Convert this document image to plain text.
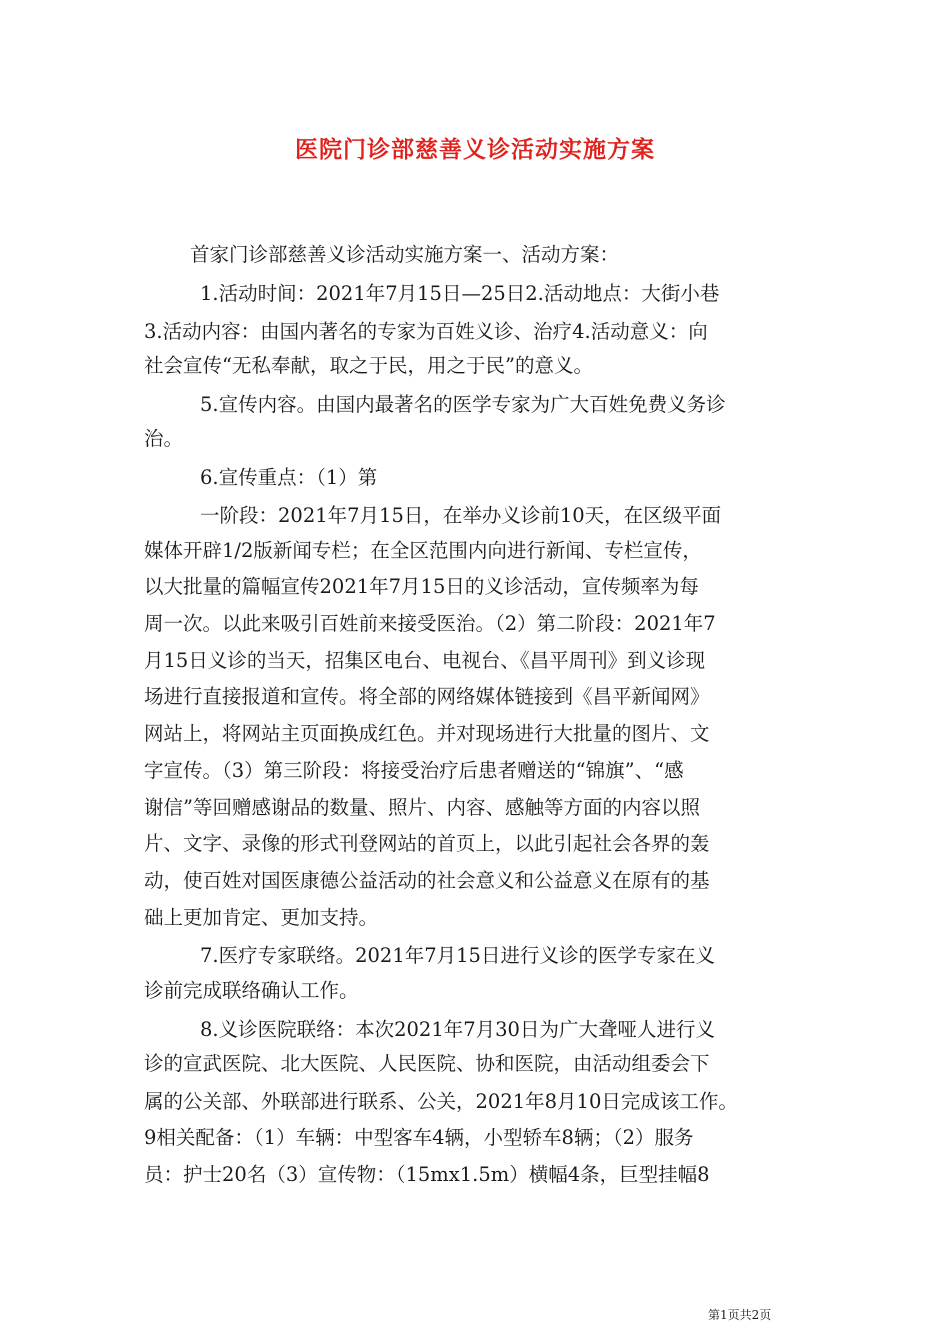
医院门诊部慈善义诊活动实施方案
首家门诊部慈善义诊活动实施方案一、活动方案：
1.活动时间：2021年7月15日—25日2.活动地点：大街小巷
3.活动内容：由国内著名的专家为百姓义诊、治疗4.活动意义：向
社会宣传“无私奉献，取之于民，用之于民”的意义。
5.宣传内容。由国内最著名的医学专家为广大百姓免费义务诊
治。
6.宣传重点：（1）第
一阶段：2021年7月15日，在举办义诊前10天，在区级平面
媒体开辟1/2版新闻专栏；在全区范围内向进行新闻、专栏宣传，
以大批量的篇幅宣传2021年7月15日的义诊活动，宣传频率为每
周一次。以此来吸引百姓前来接受医治。（2）第二阶段：2021年7
月15日义诊的当天，招集区电台、电视台、《昌平周刊》到义诊现
场进行直接报道和宣传。将全部的网络媒体链接到《昌平新闻网》
网站上，将网站主页面换成红色。并对现场进行大批量的图片、文
字宣传。（3）第三阶段：将接受治疗后患者赠送的“锦旗”、“感
谢信”等回赠感谢品的数量、照片、内容、感触等方面的内容以照
片、文字、录像的形式刊登网站的首页上，以此引起社会各界的轰
动，使百姓对国医康德公益活动的社会意义和公益意义在原有的基
础上更加肯定、更加支持。
7.医疗专家联络。2021年7月15日进行义诊的医学专家在义
诊前完成联络确认工作。
8.义诊医院联络：本次2021年7月30日为广大聋哑人进行义
诊的宣武医院、北大医院、人民医院、协和医院，由活动组委会下
属的公关部、外联部进行联系、公关，2021年8月10日完成该工作。
9相关配备：（1）车辆：中型客车4辆，小型轿车8辆；（2）服务
员：护士20名（3）宣传物：（15mx1.5m）横幅4条，巨型挂幅8
第1页共2页
